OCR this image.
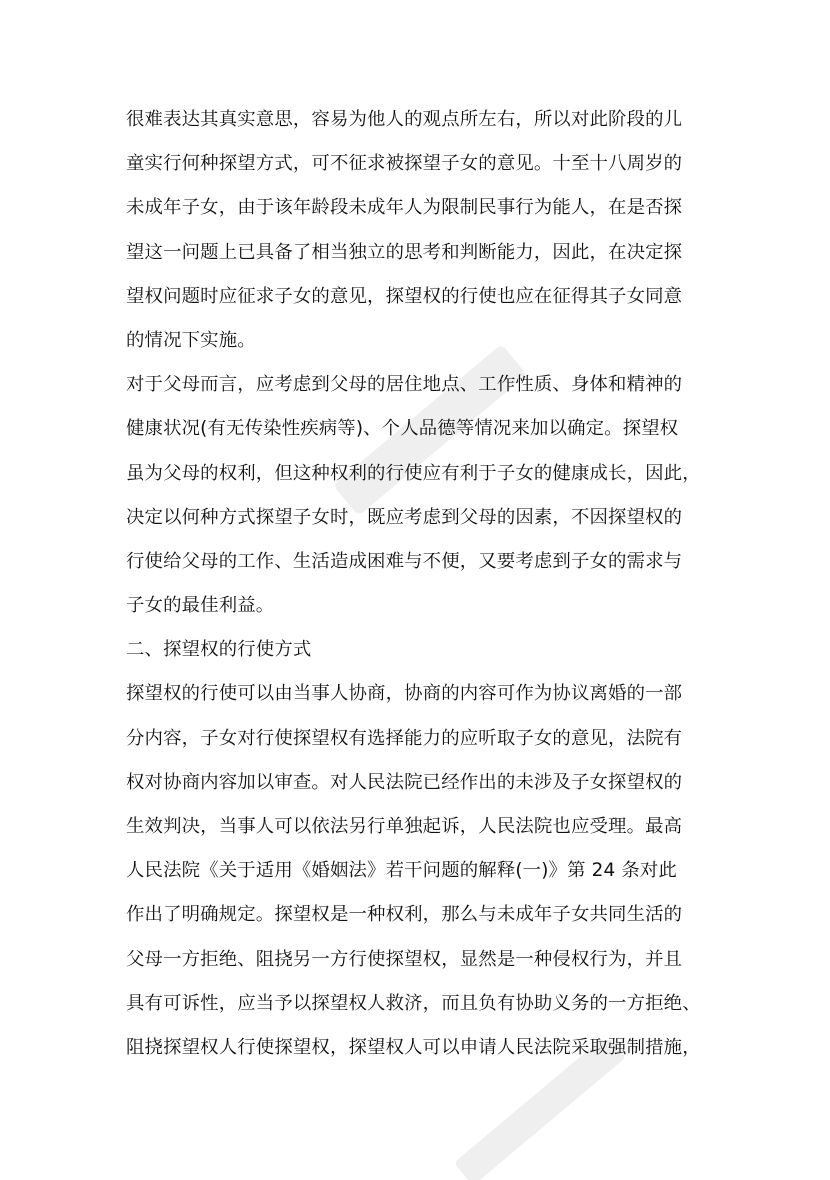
很难表达其真实意思，容易为他人的观点所左右，所以对此阶段的儿
童实行何种探望方式，可不征求被探望子女的意见。十至十八周岁的
未成年子女，由于该年龄段未成年人为限制民事行为能人，在是否探
望这一问题上已具备了相当独立的思考和判断能力，因此，在决定探
望权问题时应征求子女的意见，探望权的行使也应在征得其子女同意
的情况下实施。
对于父母而言，应考虑到父母的居住地点、工作性质、身体和精神的
健康状况(有无传染性疾病等)、个人品德等情况来加以确定。探望权
虽为父母的权利，但这种权利的行使应有利于子女的健康成长，因此，
决定以何种方式探望子女时，既应考虑到父母的因素，不因探望权的
行使给父母的工作、生活造成困难与不便，又要考虑到子女的需求与
子女的最佳利益。
二、探望权的行使方式
探望权的行使可以由当事人协商，协商的内容可作为协议离婚的一部
分内容，子女对行使探望权有选择能力的应听取子女的意见，法院有
权对协商内容加以审查。对人民法院已经作出的未涉及子女探望权的
生效判决，当事人可以依法另行单独起诉，人民法院也应受理。最高
人民法院《关于适用《婚姻法》若干问题的解释(一)》第 24 条对此
作出了明确规定。探望权是一种权利，那么与未成年子女共同生活的
父母一方拒绝、阻挠另一方行使探望权，显然是一种侵权行为，并且
具有可诉性，应当予以探望权人救济，而且负有协助义务的一方拒绝、
阻挠探望权人行使探望权，探望权人可以申请人民法院采取强制措施，
